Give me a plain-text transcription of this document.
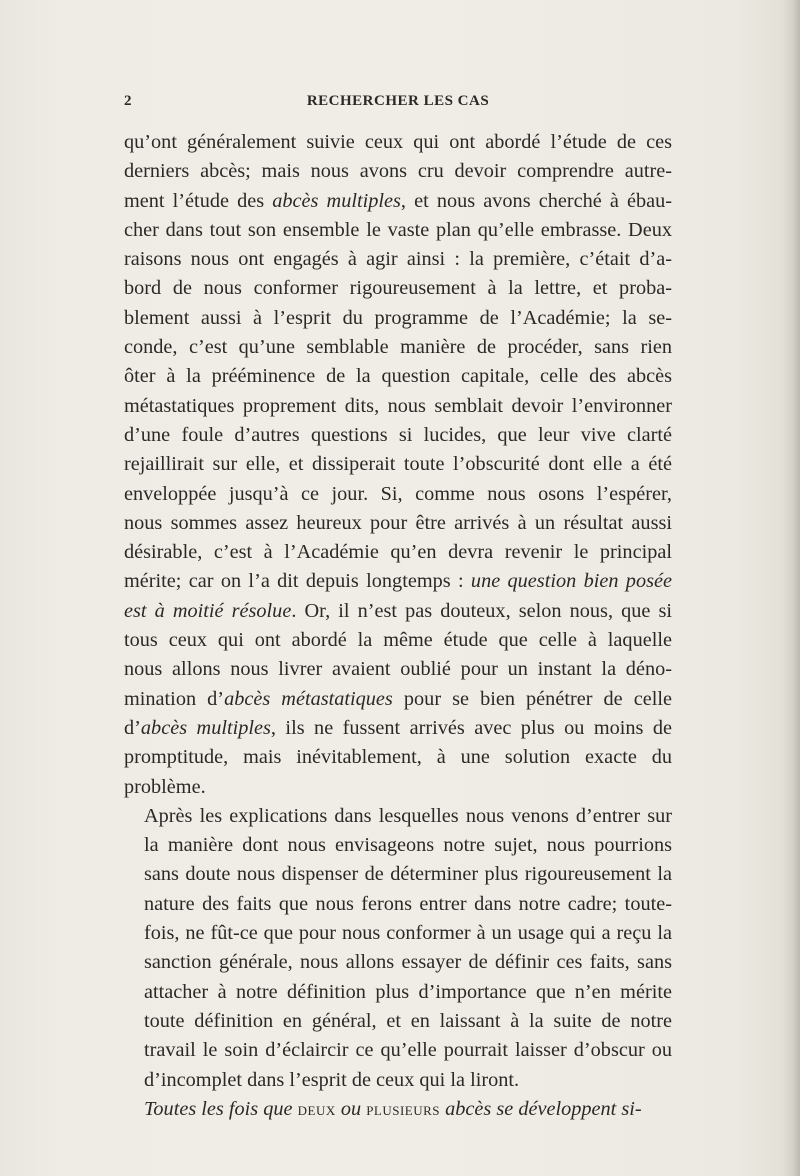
2	RECHERCHER LES CAS

qu’ont généralement suivie ceux qui ont abordé l’étude de ces
derniers abcès; mais nous avons cru devoir comprendre autre-
ment l’étude des abcès multiples, et nous avons cherché à ébau-
cher dans tout son ensemble le vaste plan qu’elle embrasse. Deux
raisons nous ont engagés à agir ainsi : la première, c’était d’a-
bord de nous conformer rigoureusement à la lettre, et proba-
blement aussi à l’esprit du programme de l’Académie; la se-
conde, c’est qu’une semblable manière de procéder, sans rien
ôter à la prééminence de la question capitale, celle des abcès
métastatiques proprement dits, nous semblait devoir l’environner
d’une foule d’autres questions si lucides, que leur vive clarté
rejaillirait sur elle, et dissiperait toute l’obscurité dont elle a été
enveloppée jusqu’à ce jour. Si, comme nous osons l’espérer,
nous sommes assez heureux pour être arrivés à un résultat aussi
désirable, c’est à l’Académie qu’en devra revenir le principal
mérite; car on l’a dit depuis longtemps : une question bien posée
est à moitié résolue. Or, il n’est pas douteux, selon nous, que si
tous ceux qui ont abordé la même étude que celle à laquelle
nous allons nous livrer avaient oublié pour un instant la déno-
mination d’abcès métastatiques pour se bien pénétrer de celle
d’abcès multiples, ils ne fussent arrivés avec plus ou moins de
promptitude, mais inévitablement, à une solution exacte du
problème.

Après les explications dans lesquelles nous venons d’entrer sur
la manière dont nous envisageons notre sujet, nous pourrions
sans doute nous dispenser de déterminer plus rigoureusement la
nature des faits que nous ferons entrer dans notre cadre; toute-
fois, ne fût-ce que pour nous conformer à un usage qui a reçu la
sanction générale, nous allons essayer de définir ces faits, sans
attacher à notre définition plus d’importance que n’en mérite
toute définition en général, et en laissant à la suite de notre
travail le soin d’éclaircir ce qu’elle pourrait laisser d’obscur ou
d’incomplet dans l’esprit de ceux qui la liront.

Toutes les fois que deux ou plusieurs abcès se développent si-
